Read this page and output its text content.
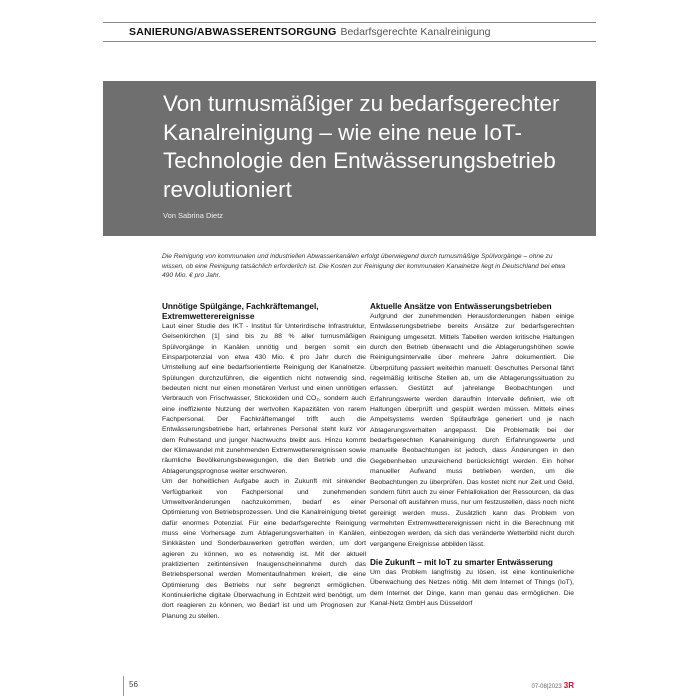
SANIERUNG/ABWASSERENTSORGUNG Bedarfsgerechte Kanalreinigung
Von turnusmäßiger zu bedarfsgerechter Kanalreinigung – wie eine neue IoT-Technologie den Entwässerungsbetrieb revolutioniert
Von Sabrina Dietz

Die Reinigung von kommunalen und industriellen Abwasserkanälen erfolgt überwiegend durch turnusmäßige Spülvorgänge – ohne zu wissen, ob eine Reinigung tatsächlich erforderlich ist. Die Kosten zur Reinigung der kommunalen Kanalnetze liegt in Deutschland bei etwa 490 Mio. € pro Jahr.

Unnötige Spülgänge, Fachkräftemangel, Extremwetterereignisse

Laut einer Studie des IKT - Institut für Unterirdische Infrastruktur, Gelsenkirchen [1] sind bis zu 88 % aller turnusmäßigen Spülvorgänge in Kanälen unnötig und bergen somit ein Einsparpotenzial von etwa 430 Mio. € pro Jahr durch die Umstellung auf eine bedarfsorientierte Reinigung der Kanalnetze. Spülungen durchzuführen, die eigentlich nicht notwendig sind, bedeuten nicht nur einen monetären Verlust und einen unnötigen Verbrauch von Frischwasser, Stickoxiden und CO₂, sondern auch eine ineffiziente Nutzung der wertvollen Kapazitäten von rarem Fachpersonal. Der Fachkräftemangel trifft auch die Entwässerungsbetriebe hart, erfahrenes Personal steht kurz vor dem Ruhestand und junger Nachwuchs bleibt aus. Hinzu kommt der Klimawandel mit zunehmenden Extremwetterereignissen sowie räumliche Bevölkerungsbewegungen, die den Betrieb und die Ablagerungsprognose weiter erschweren.

Um der hoheitlichen Aufgabe auch in Zukunft mit sinkender Verfügbarkeit von Fachpersonal und zunehmenden Umweltveränderungen nachzukommen, bedarf es einer Optimierung von Betriebsprozessen. Und die Kanalreinigung bietet dafür enormes Potenzial. Für eine bedarfsgerechte Reinigung muss eine Vorhersage zum Ablagerungsverhalten in Kanälen, Sinkkästen und Sonderbauwerken getroffen werden, um dort agieren zu können, wo es notwendig ist. Mit der aktuell praktizierten zeitintensiven Inaugenscheinnahme durch das Betriebspersonal werden Momentaufnahmen kreiert, die eine Optimierung des Betriebs nur sehr begrenzt ermöglichen. Kontinuierliche digitale Überwachung in Echtzeit wird benötigt, um dort reagieren zu können, wo Bedarf ist und um Prognosen zur Planung zu stellen.

Aktuelle Ansätze von Entwässerungsbetrieben

Aufgrund der zunehmenden Herausforderungen haben einige Entwässerungsbetriebe bereits Ansätze zur bedarfsgerechten Reinigung umgesetzt. Mittels Tabellen werden kritische Haltungen durch den Betrieb überwacht und die Ablagerungshöhen sowie Reinigungsintervalle über mehrere Jahre dokumentiert. Die Überprüfung passiert weiterhin manuell: Geschultes Personal fährt regelmäßig kritische Stellen ab, um die Ablagerungssituation zu erfassen. Gestützt auf jahrelange Beobachtungen und Erfahrungswerte werden daraufhin Intervalle definiert, wie oft Haltungen überprüft und gespült werden müssen. Mittels eines Ampelsystems werden Spülaufträge generiert und je nach Ablagerungsverhalten angepasst. Die Problematik bei der bedarfsgerechten Kanalreinigung durch Erfahrungswerte und manuelle Beobachtungen ist jedoch, dass Änderungen in den Gegebenheiten unzureichend berücksichtigt werden. Ein hoher manueller Aufwand muss betrieben werden, um die Beobachtungen zu überprüfen. Das kostet nicht nur Zeit und Geld, sondern führt auch zu einer Fehlallokation der Ressourcen, da das Personal oft ausfahren muss, nur um festzustellen, dass noch nicht gereinigt werden muss. Zusätzlich kann das Problem von vermehrten Extremwetterereignissen nicht in die Berechnung mit einbezogen werden, da sich das veränderte Wetterbild nicht durch vergangene Ereignisse abbilden lässt.

Die Zukunft – mit IoT zu smarter Entwässerung

Um das Problem langfristig zu lösen, ist eine kontinuierliche Überwachung des Netzes nötig. Mit dem Internet of Things (IoT), dem Internet der Dinge, kann man genau das ermöglichen. Die Kanal-Netz GmbH aus Düsseldorf

56	07-08|2023 3R
